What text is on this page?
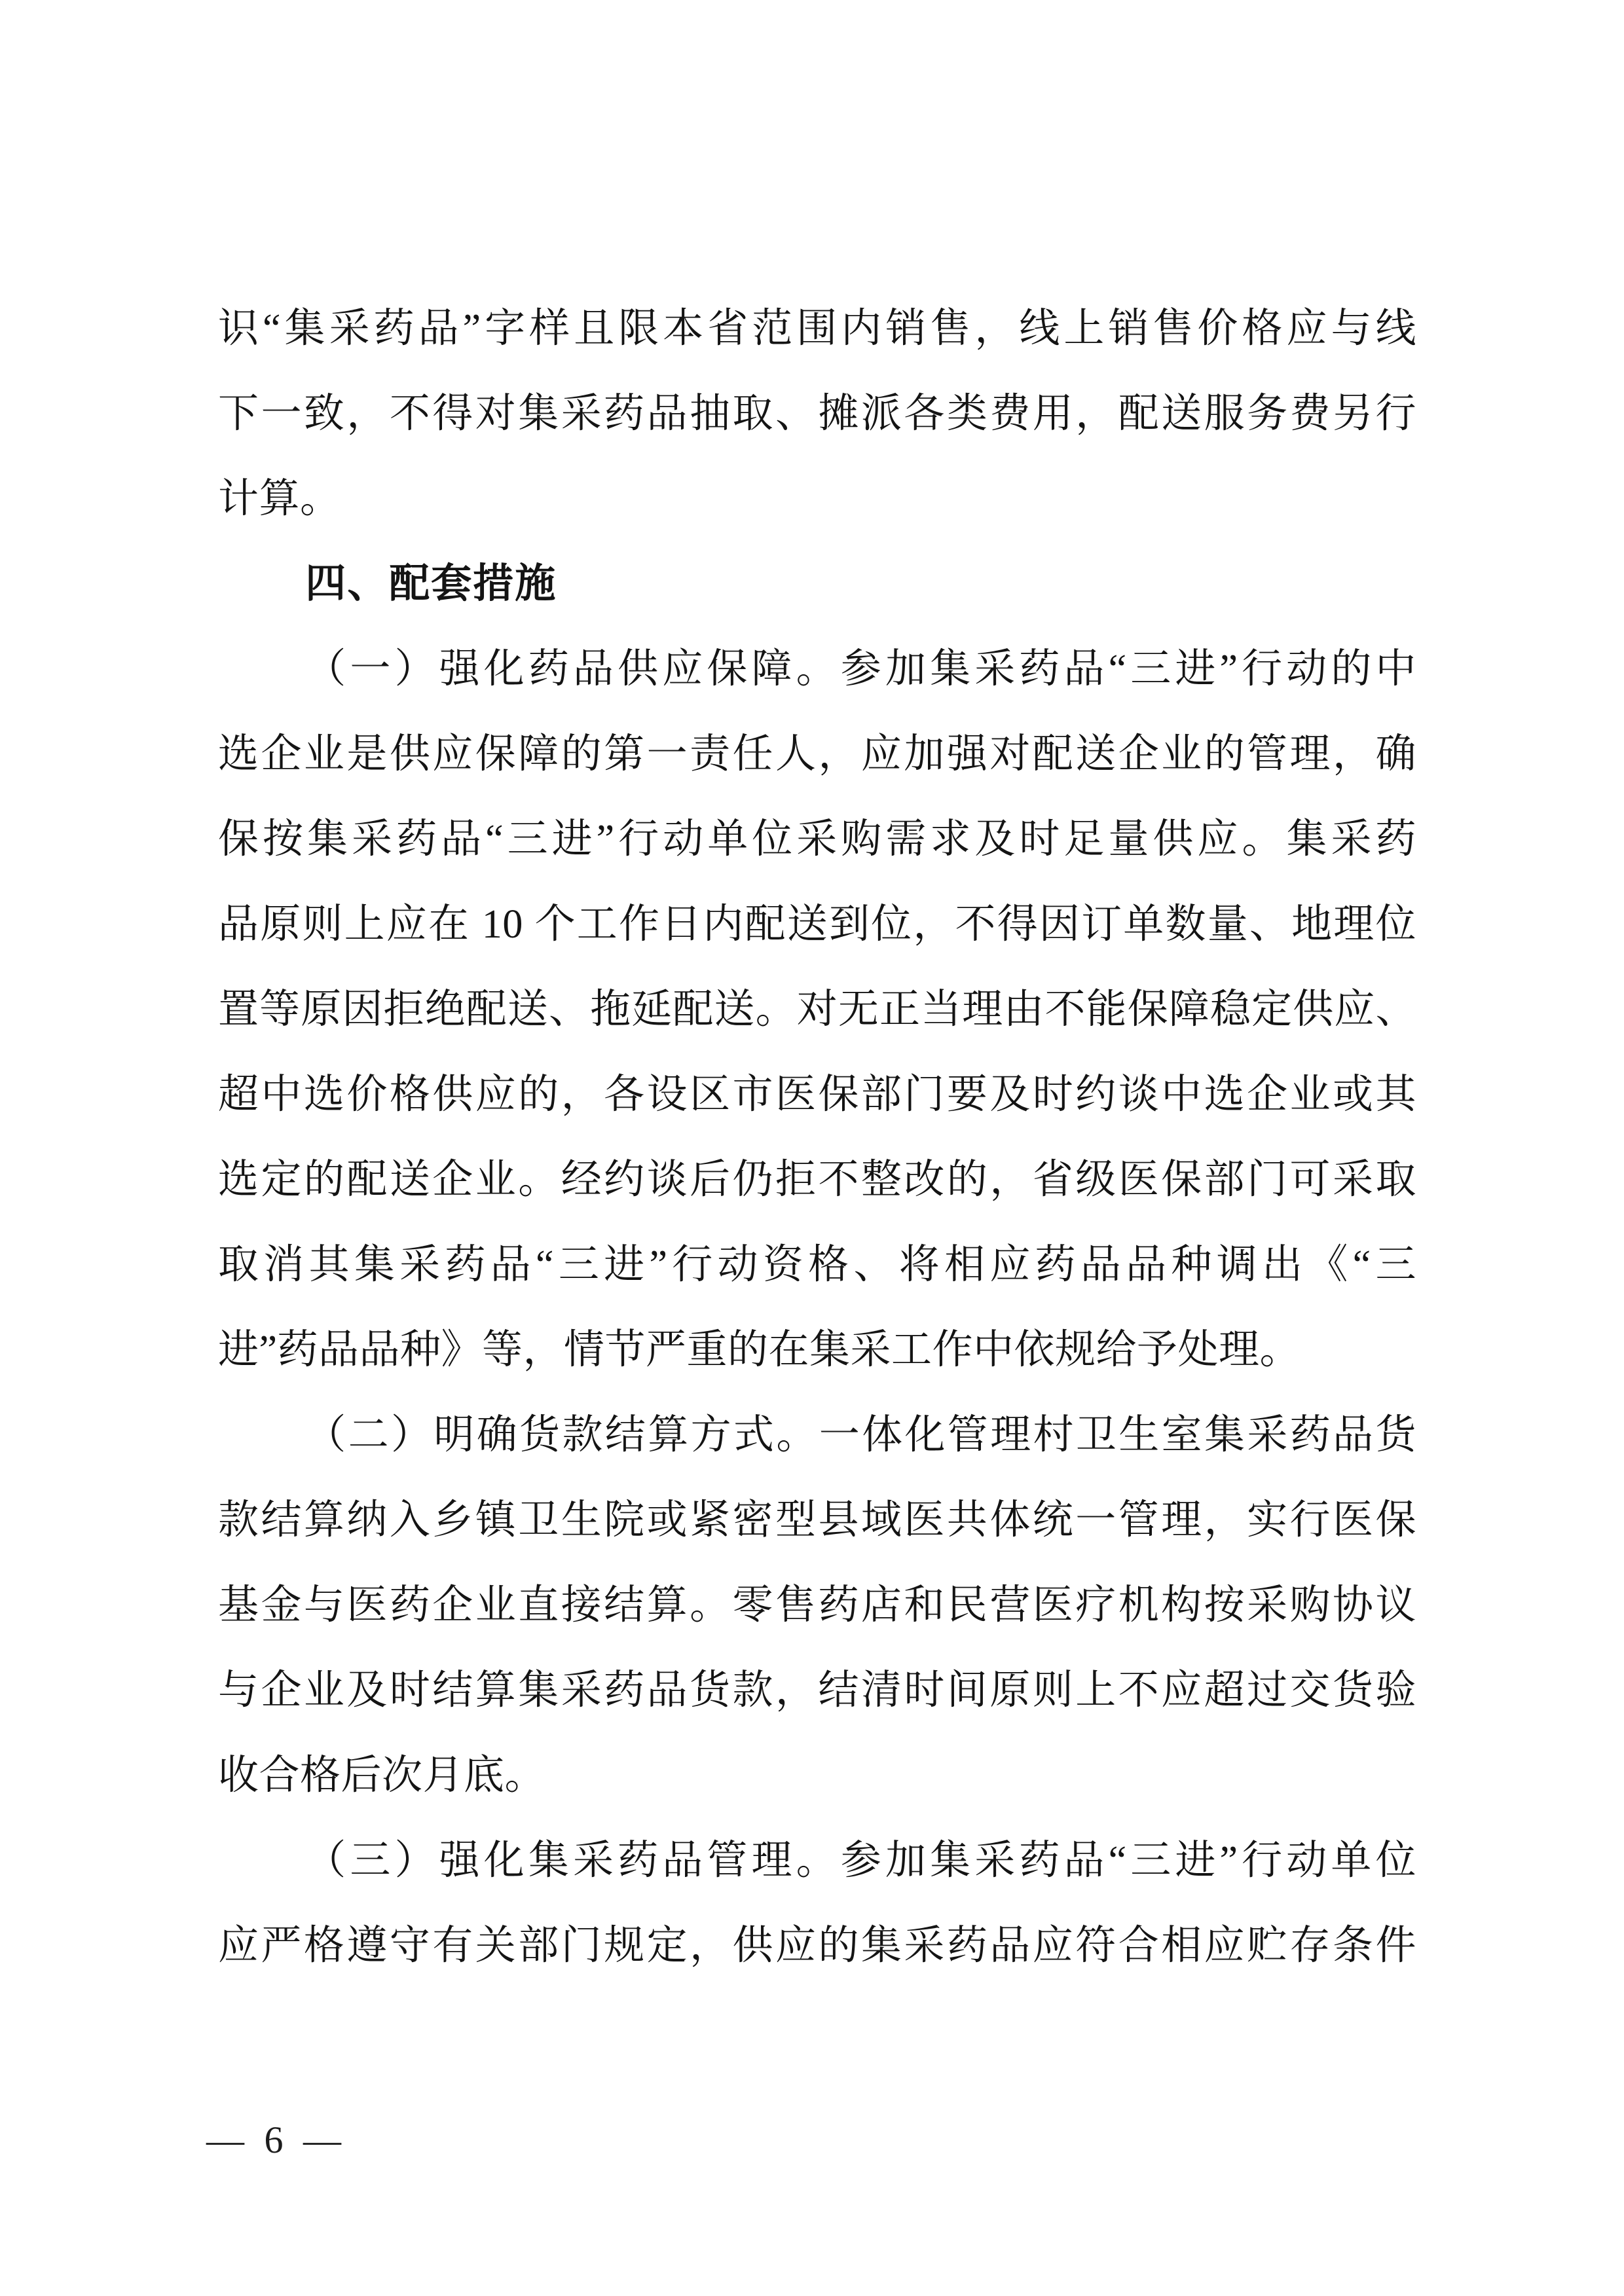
识“集采药品”字样且限本省范围内销售，线上销售价格应与线
下一致，不得对集采药品抽取、摊派各类费用，配送服务费另行
计算。
四、配套措施
（一）强化药品供应保障。参加集采药品“三进”行动的中
选企业是供应保障的第一责任人，应加强对配送企业的管理，确
保按集采药品“三进”行动单位采购需求及时足量供应。集采药
品原则上应在 10 个工作日内配送到位，不得因订单数量、地理位
置等原因拒绝配送、拖延配送。对无正当理由不能保障稳定供应、
超中选价格供应的，各设区市医保部门要及时约谈中选企业或其
选定的配送企业。经约谈后仍拒不整改的，省级医保部门可采取
取消其集采药品“三进”行动资格、将相应药品品种调出《“三
进”药品品种》等，情节严重的在集采工作中依规给予处理。
（二）明确货款结算方式。一体化管理村卫生室集采药品货
款结算纳入乡镇卫生院或紧密型县域医共体统一管理，实行医保
基金与医药企业直接结算。零售药店和民营医疗机构按采购协议
与企业及时结算集采药品货款，结清时间原则上不应超过交货验
收合格后次月底。
（三）强化集采药品管理。参加集采药品“三进”行动单位
应严格遵守有关部门规定，供应的集采药品应符合相应贮存条件
— 6 —
